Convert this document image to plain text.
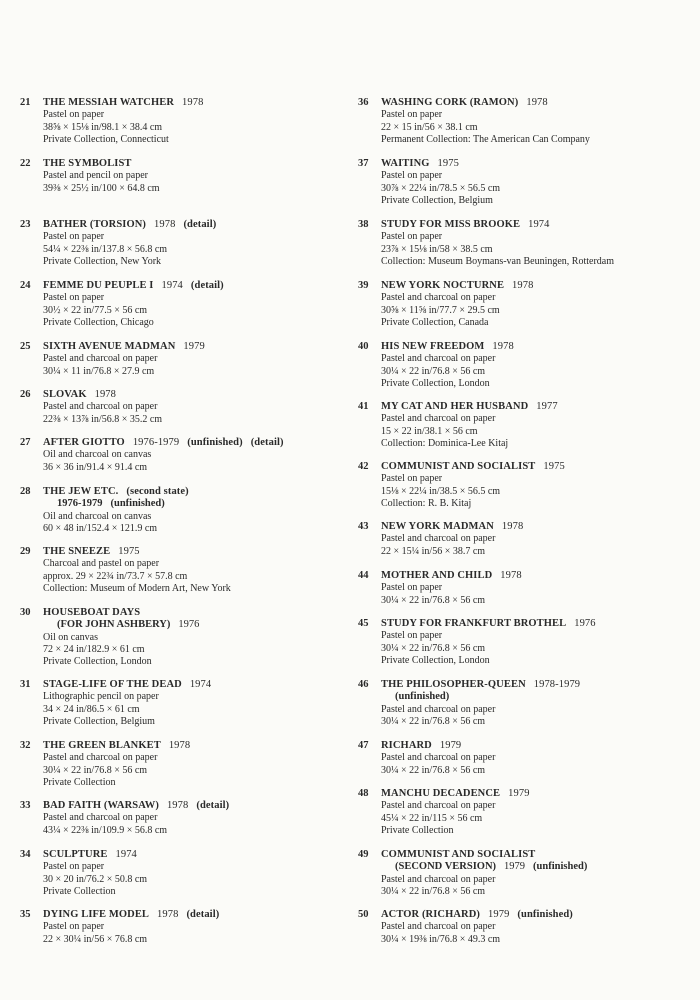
21 THE MESSIAH WATCHER 1978
Pastel on paper
38⅝ × 15⅛ in/98.1 × 38.4 cm
Private Collection, Connecticut
22 THE SYMBOLIST
Pastel and pencil on paper
39⅜ × 25½ in/100 × 64.8 cm
23 BATHER (TORSION) 1978 (detail)
Pastel on paper
54¼ × 22⅜ in/137.8 × 56.8 cm
Private Collection, New York
24 FEMME DU PEUPLE I 1974 (detail)
Pastel on paper
30½ × 22 in/77.5 × 56 cm
Private Collection, Chicago
25 SIXTH AVENUE MADMAN 1979
Pastel and charcoal on paper
30¼ × 11 in/76.8 × 27.9 cm
26 SLOVAK 1978
Pastel and charcoal on paper
22⅜ × 13⅞ in/56.8 × 35.2 cm
27 AFTER GIOTTO 1976-1979 (unfinished) (detail)
Oil and charcoal on canvas
36 × 36 in/91.4 × 91.4 cm
28 THE JEW ETC. (second state)
1976-1979 (unfinished)
Oil and charcoal on canvas
60 × 48 in/152.4 × 121.9 cm
29 THE SNEEZE 1975
Charcoal and pastel on paper
approx. 29 × 22¾ in/73.7 × 57.8 cm
Collection: Museum of Modern Art, New York
30 HOUSEBOAT DAYS
(FOR JOHN ASHBERY) 1976
Oil on canvas
72 × 24 in/182.9 × 61 cm
Private Collection, London
31 STAGE-LIFE OF THE DEAD 1974
Lithographic pencil on paper
34 × 24 in/86.5 × 61 cm
Private Collection, Belgium
32 THE GREEN BLANKET 1978
Pastel and charcoal on paper
30¼ × 22 in/76.8 × 56 cm
Private Collection
33 BAD FAITH (WARSAW) 1978 (detail)
Pastel and charcoal on paper
43¼ × 22⅜ in/109.9 × 56.8 cm
34 SCULPTURE 1974
Pastel on paper
30 × 20 in/76.2 × 50.8 cm
Private Collection
35 DYING LIFE MODEL 1978 (detail)
Pastel on paper
22 × 30¼ in/56 × 76.8 cm
36 WASHING CORK (RAMON) 1978
Pastel on paper
22 × 15 in/56 × 38.1 cm
Permanent Collection: The American Can Company
37 WAITING 1975
Pastel on paper
30⅞ × 22¼ in/78.5 × 56.5 cm
Private Collection, Belgium
38 STUDY FOR MISS BROOKE 1974
Pastel on paper
23⅞ × 15⅛ in/58 × 38.5 cm
Collection: Museum Boymans-van Beuningen, Rotterdam
39 NEW YORK NOCTURNE 1978
Pastel and charcoal on paper
30⅝ × 11⅝ in/77.7 × 29.5 cm
Private Collection, Canada
40 HIS NEW FREEDOM 1978
Pastel and charcoal on paper
30¼ × 22 in/76.8 × 56 cm
Private Collection, London
41 MY CAT AND HER HUSBAND 1977
Pastel and charcoal on paper
15 × 22 in/38.1 × 56 cm
Collection: Dominica-Lee Kitaj
42 COMMUNIST AND SOCIALIST 1975
Pastel on paper
15⅛ × 22¼ in/38.5 × 56.5 cm
Collection: R. B. Kitaj
43 NEW YORK MADMAN 1978
Pastel and charcoal on paper
22 × 15¼ in/56 × 38.7 cm
44 MOTHER AND CHILD 1978
Pastel on paper
30¼ × 22 in/76.8 × 56 cm
45 STUDY FOR FRANKFURT BROTHEL 1976
Pastel on paper
30¼ × 22 in/76.8 × 56 cm
Private Collection, London
46 THE PHILOSOPHER-QUEEN 1978-1979
(unfinished)
Pastel and charcoal on paper
30¼ × 22 in/76.8 × 56 cm
47 RICHARD 1979
Pastel and charcoal on paper
30¼ × 22 in/76.8 × 56 cm
48 MANCHU DECADENCE 1979
Pastel and charcoal on paper
45¼ × 22 in/115 × 56 cm
Private Collection
49 COMMUNIST AND SOCIALIST
(SECOND VERSION) 1979 (unfinished)
Pastel and charcoal on paper
30¼ × 22 in/76.8 × 56 cm
50 ACTOR (RICHARD) 1979 (unfinished)
Pastel and charcoal on paper
30¼ × 19⅜ in/76.8 × 49.3 cm
